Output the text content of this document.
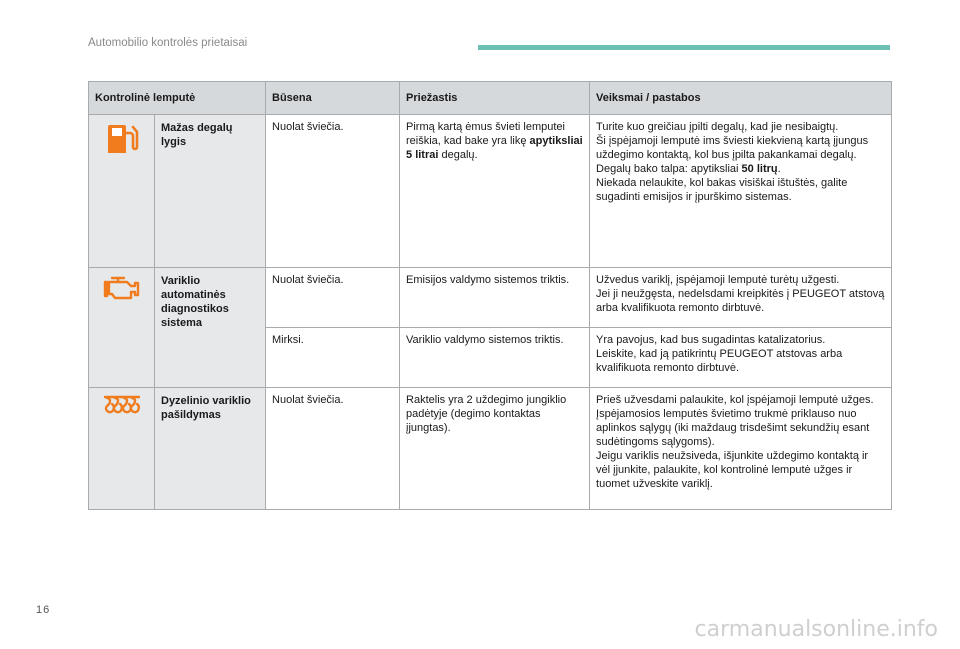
Automobilio kontrolės prietaisai
Kontrolinė lemputė		Būsena	Priežastis	Veiksmai / pastabos

	Mažas degalų lygis	Nuolat šviečia.	Pirmą kartą ėmus švieti lemputei reiškia, kad bake yra likę apytiksliai 5 litrai degalų.	Turite kuo greičiau įpilti degalų, kad jie nesibaigtų.
Ši įspėjamoji lemputė ims šviesti kiekvieną kartą įjungus uždegimo kontaktą, kol bus įpilta pakankamai degalų.
Degalų bako talpa: apytiksliai 50 litrų.
Niekada nelaukite, kol bakas visiškai ištuštės, galite sugadinti emisijos ir įpurškimo sistemas.

	Variklio automatinės diagnostikos sistema	Nuolat šviečia.	Emisijos valdymo sistemos triktis.	Užvedus variklį, įspėjamoji lemputė turėtų užgesti.
Jei ji neužgęsta, nedelsdami kreipkitės į PEUGEOT atstovą arba kvalifikuota remonto dirbtuvė.

		Mirksi.	Variklio valdymo sistemos triktis.	Yra pavojus, kad bus sugadintas katalizatorius.
Leiskite, kad ją patikrintų PEUGEOT atstovas arba kvalifikuota remonto dirbtuvė.

	Dyzelinio variklio pašildymas	Nuolat šviečia.	Raktelis yra 2 uždegimo jungiklio padėtyje (degimo kontaktas įjungtas).	Prieš užvesdami palaukite, kol įspėjamoji lemputė užges.
Įspėjamosios lemputės švietimo trukmė priklauso nuo aplinkos sąlygų (iki maždaug trisdešimt sekundžių esant sudėtingoms sąlygoms).
Jeigu variklis neužsiveda, išjunkite uždegimo kontaktą ir vėl įjunkite, palaukite, kol kontrolinė lemputė užges ir tuomet užveskite variklį.
16
carmanualsonline.info
